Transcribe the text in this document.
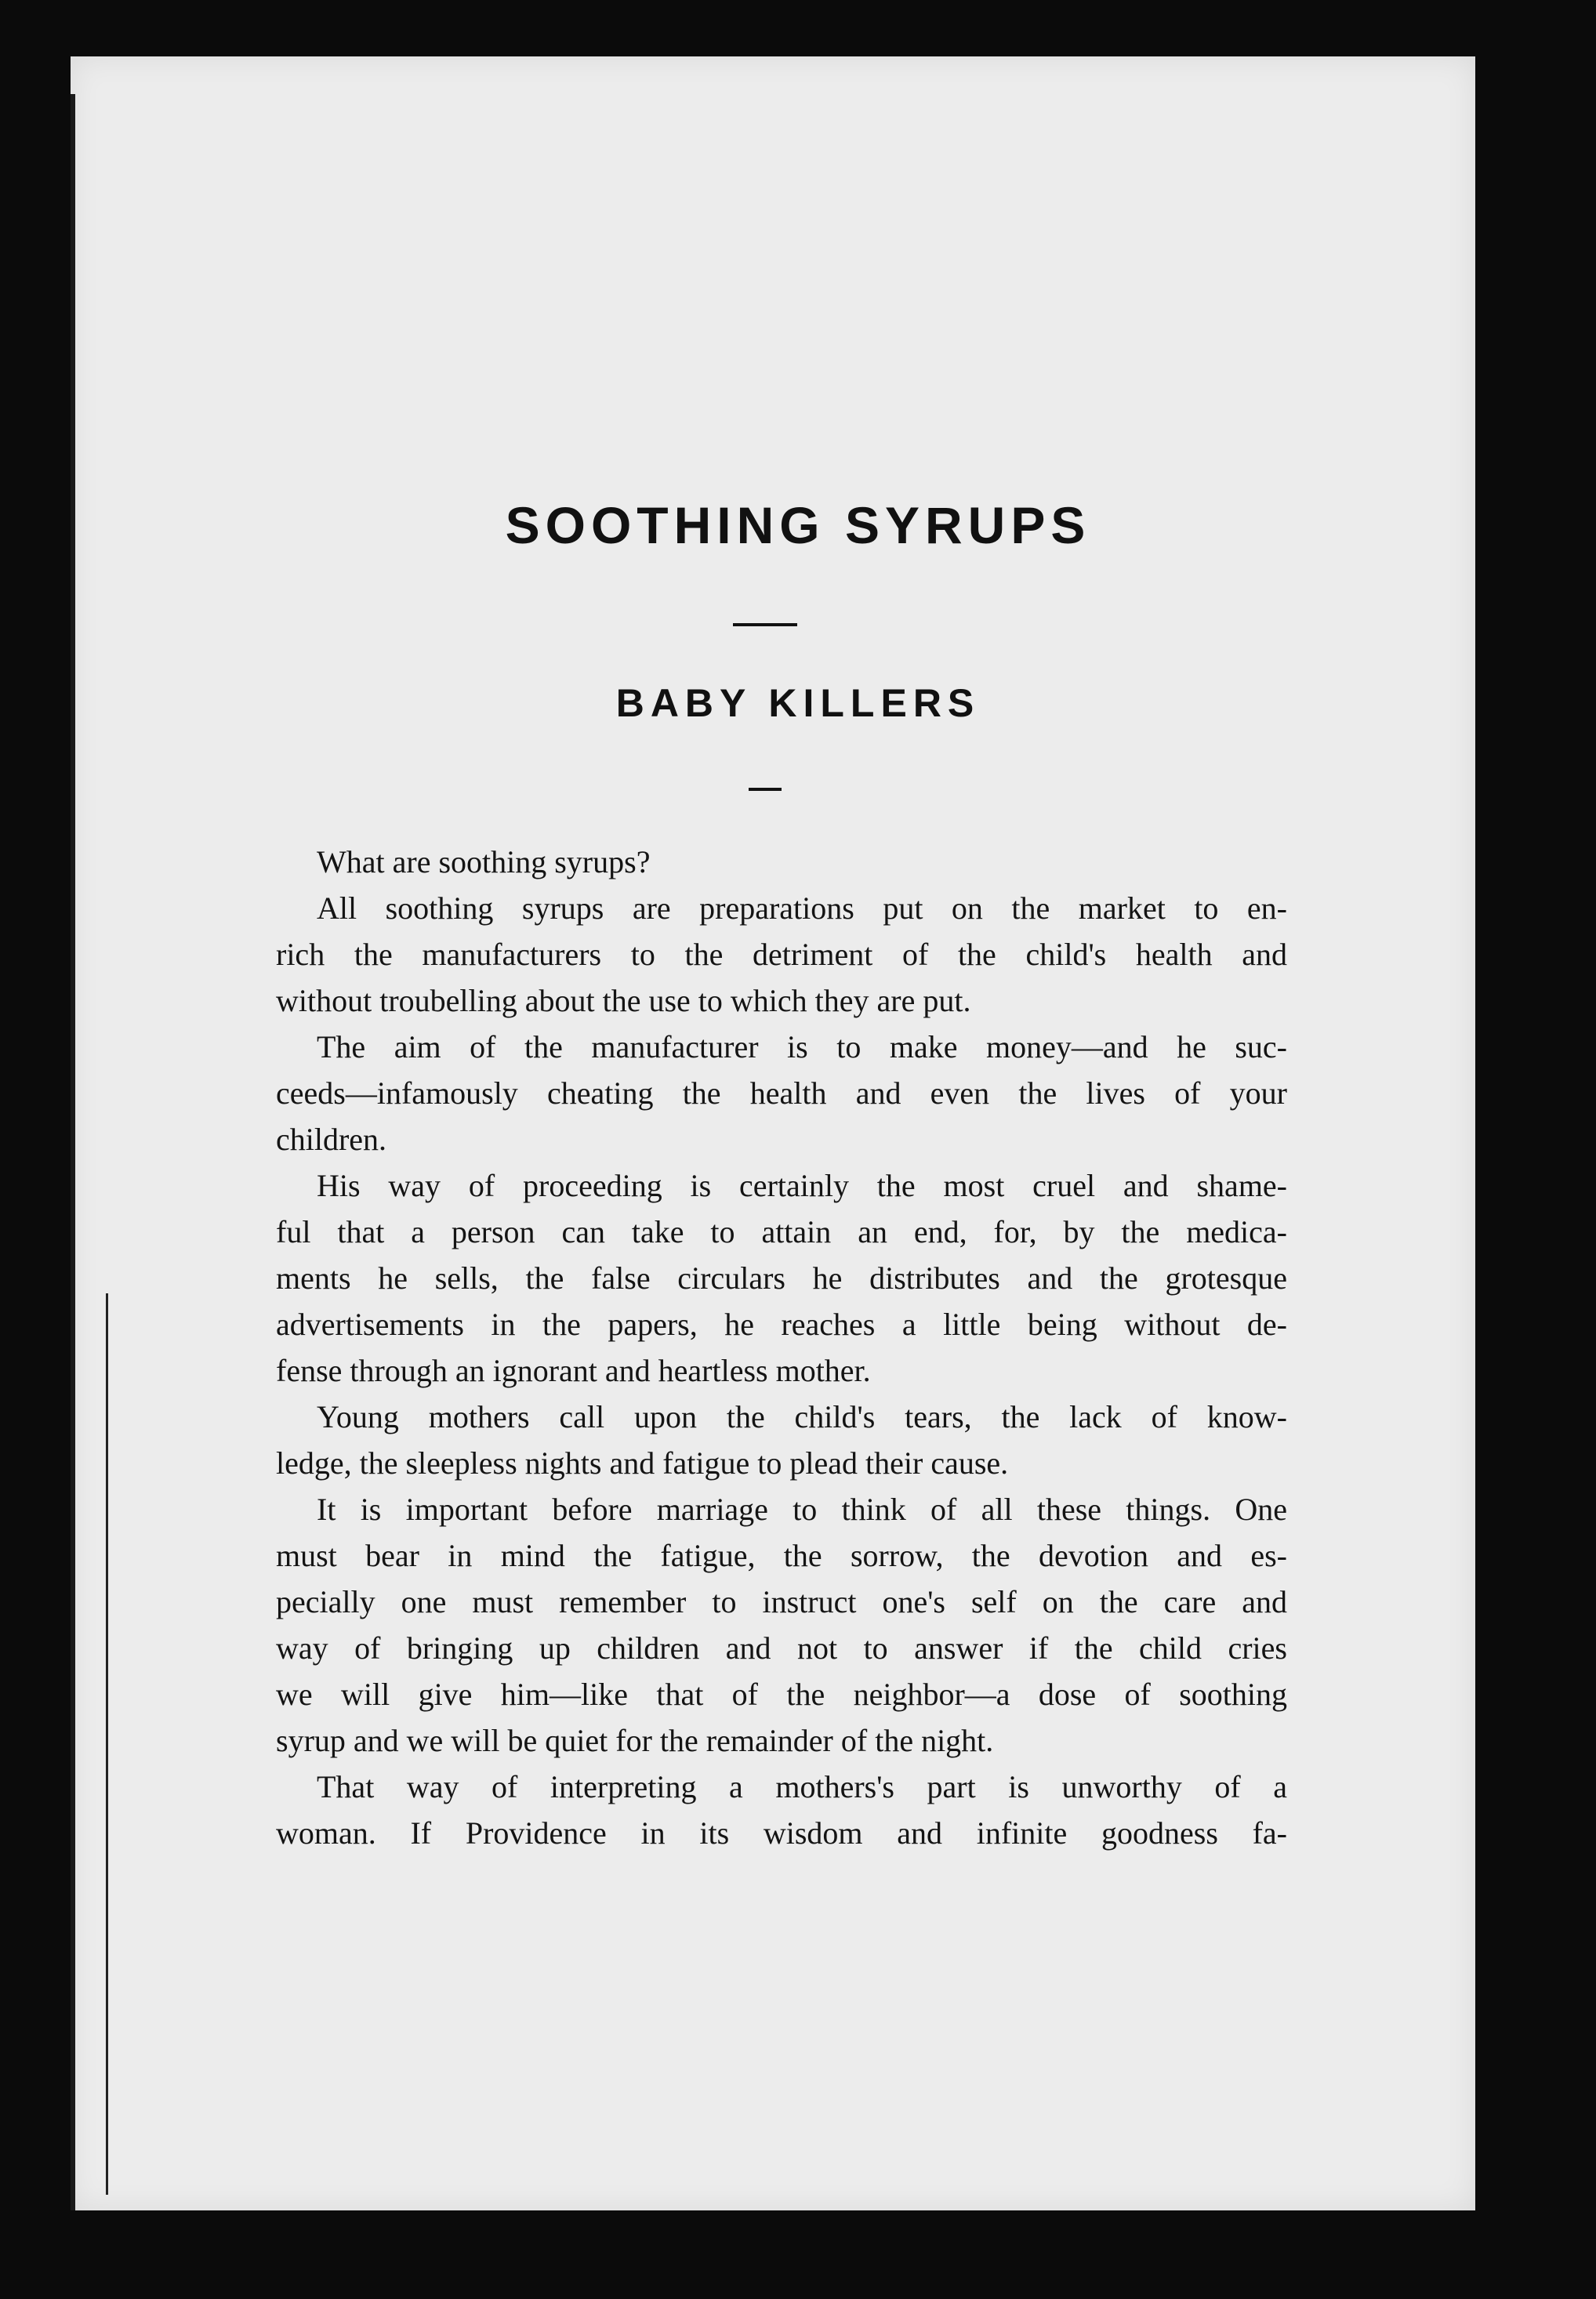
SOOTHING SYRUPS
BABY KILLERS
What are soothing syrups?
All soothing syrups are preparations put on the market to en-
rich the manufacturers to the detriment of the child's health and
without troubelling about the use to which they are put.
The aim of the manufacturer is to make money—and he suc-
ceeds—infamously cheating the health and even the lives of your
children.
His way of proceeding is certainly the most cruel and shame-
ful that a person can take to attain an end, for, by the medica-
ments he sells, the false circulars he distributes and the grotesque
advertisements in the papers, he reaches a little being without de-
fense through an ignorant and heartless mother.
Young mothers call upon the child's tears, the lack of know-
ledge, the sleepless nights and fatigue to plead their cause.
It is important before marriage to think of all these things. One
must bear in mind the fatigue, the sorrow, the devotion and es-
pecially one must remember to instruct one's self on the care and
way of bringing up children and not to answer if the child cries
we will give him—like that of the neighbor—a dose of soothing
syrup and we will be quiet for the remainder of the night.
That way of interpreting a mothers's part is unworthy of a
woman. If Providence in its wisdom and infinite goodness fa-
